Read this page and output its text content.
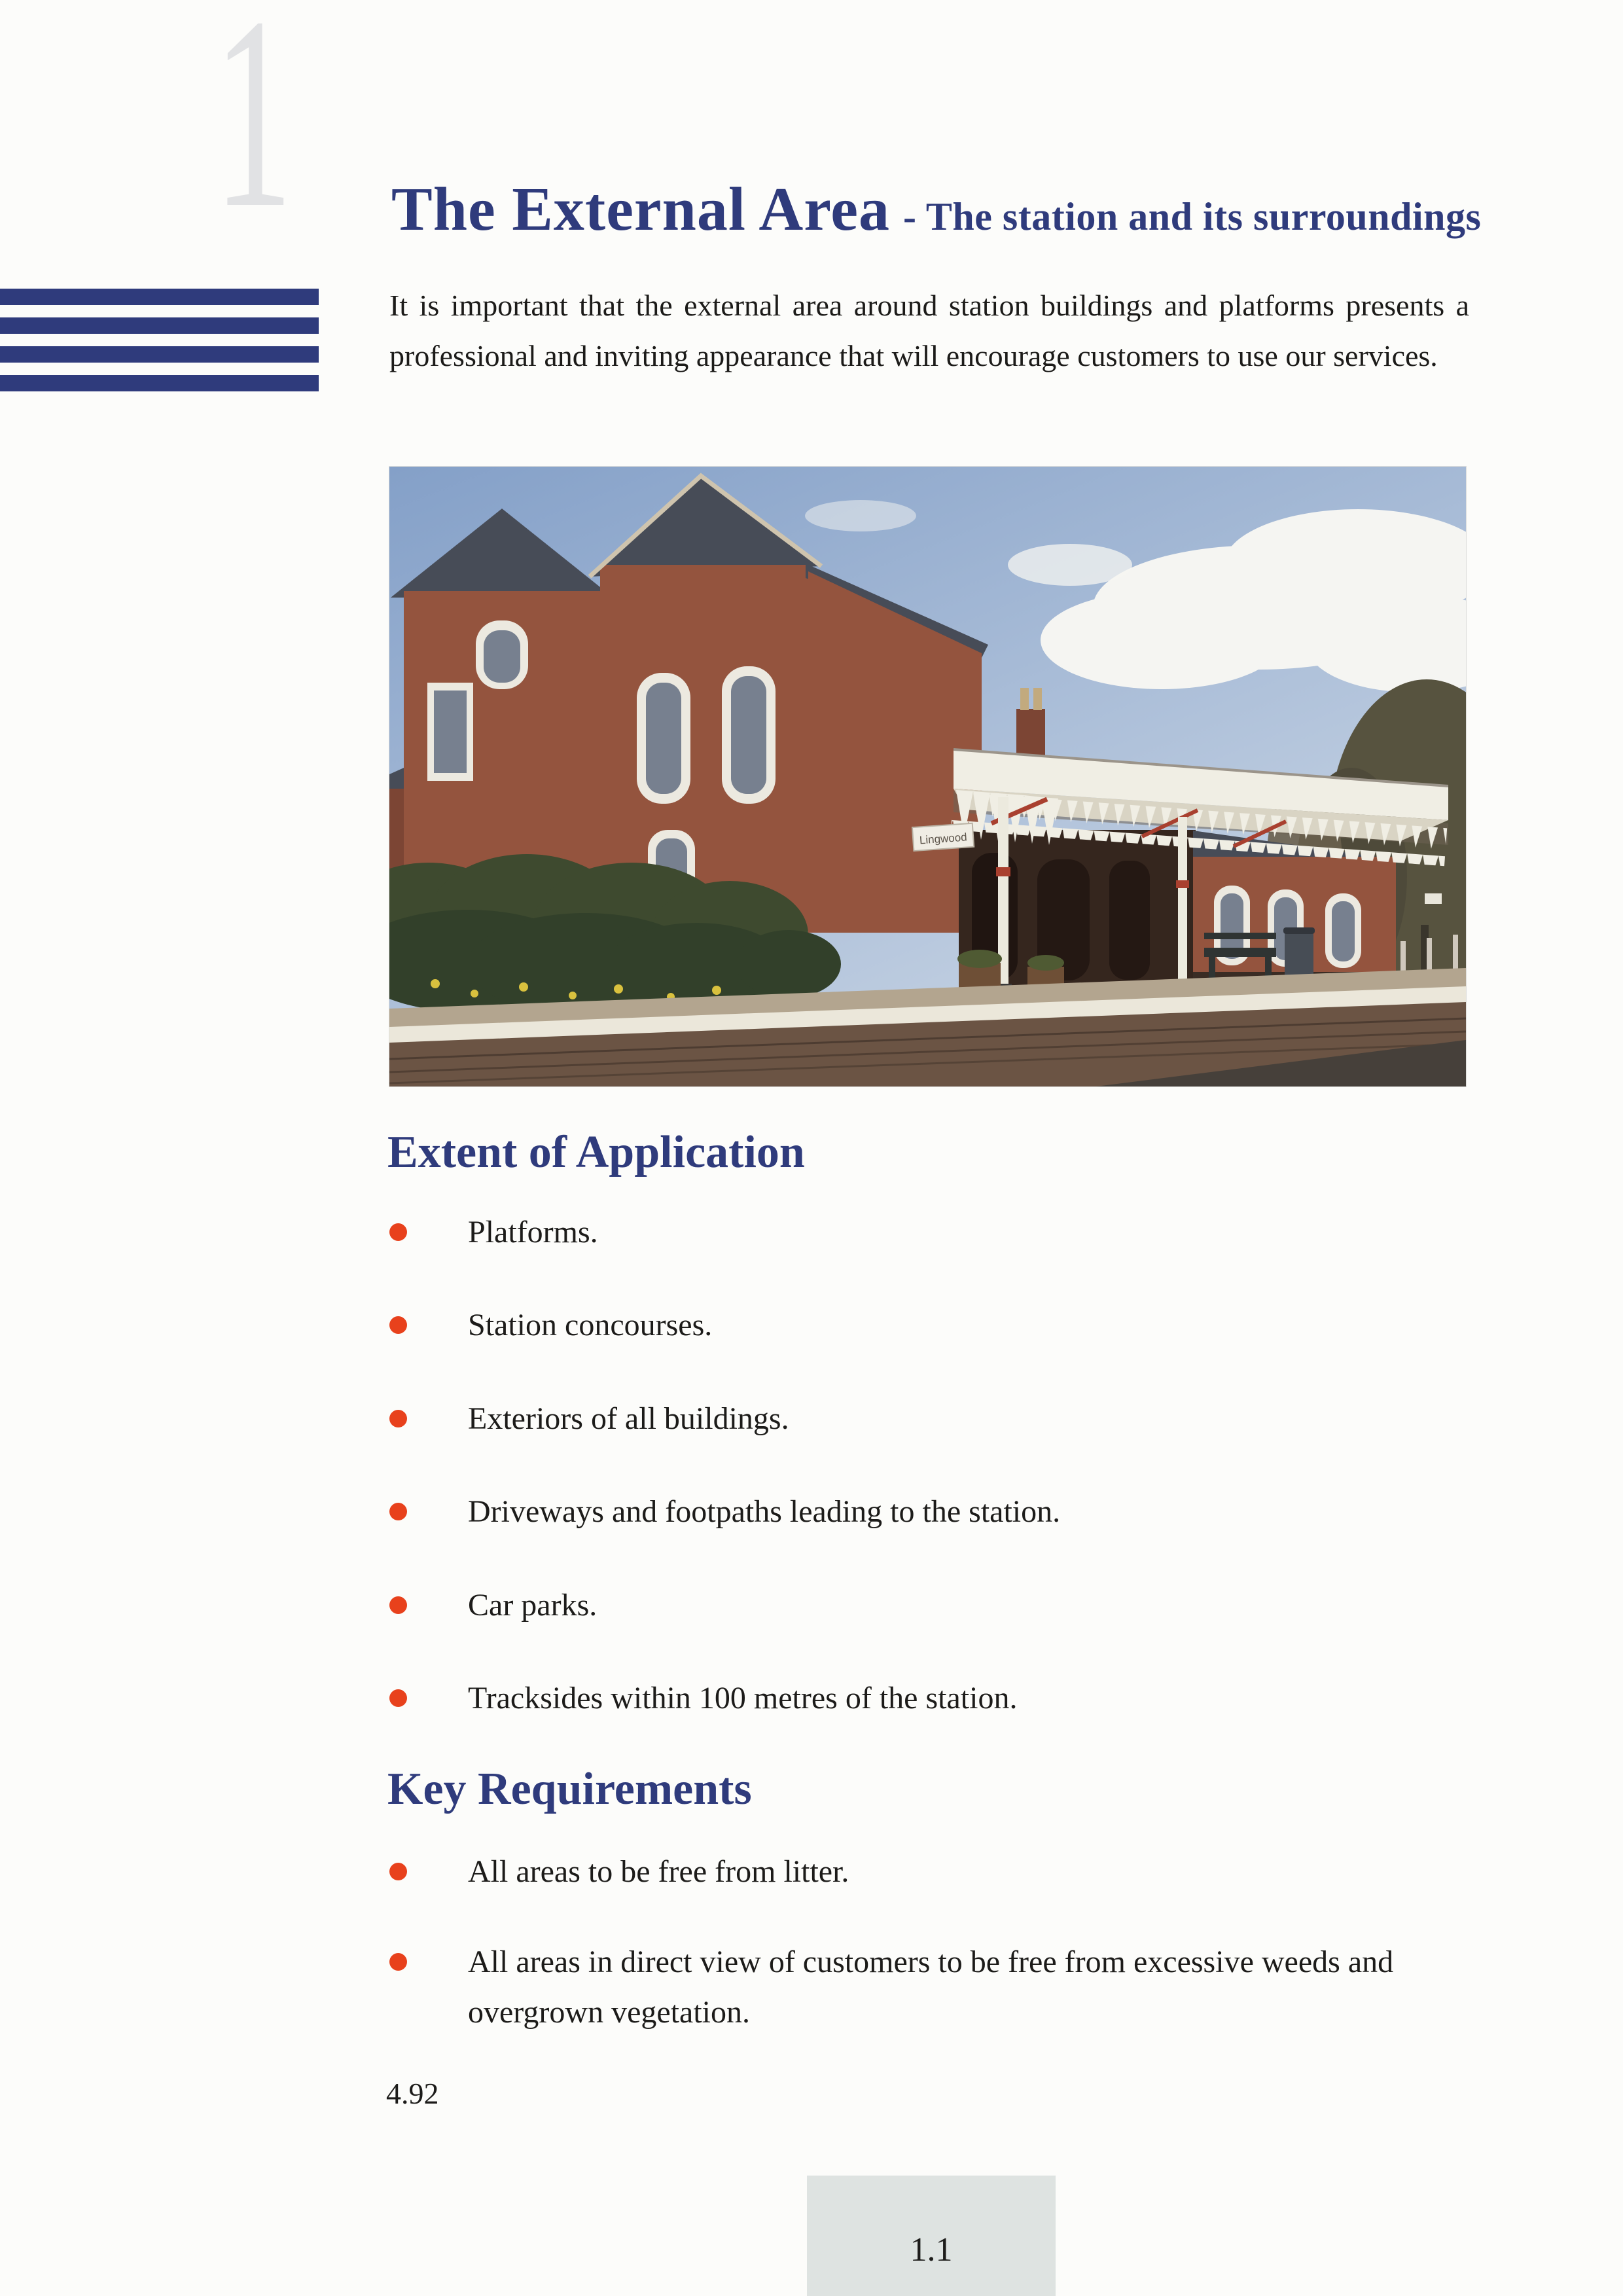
1 The External Area - The station and its surroundings

It is important that the external area around station buildings and platforms presents a professional and inviting appearance that will encourage customers to use our services.

Lingwood
Extent of Application
Platforms.
Station concourses.
Exteriors of all buildings.
Driveways and footpaths leading to the station.
Car parks.
Tracksides within 100 metres of the station.
Key Requirements
All areas to be free from litter.
All areas in direct view of customers to be free from excessive weeds and overgrown vegetation.
4.92
1.1
